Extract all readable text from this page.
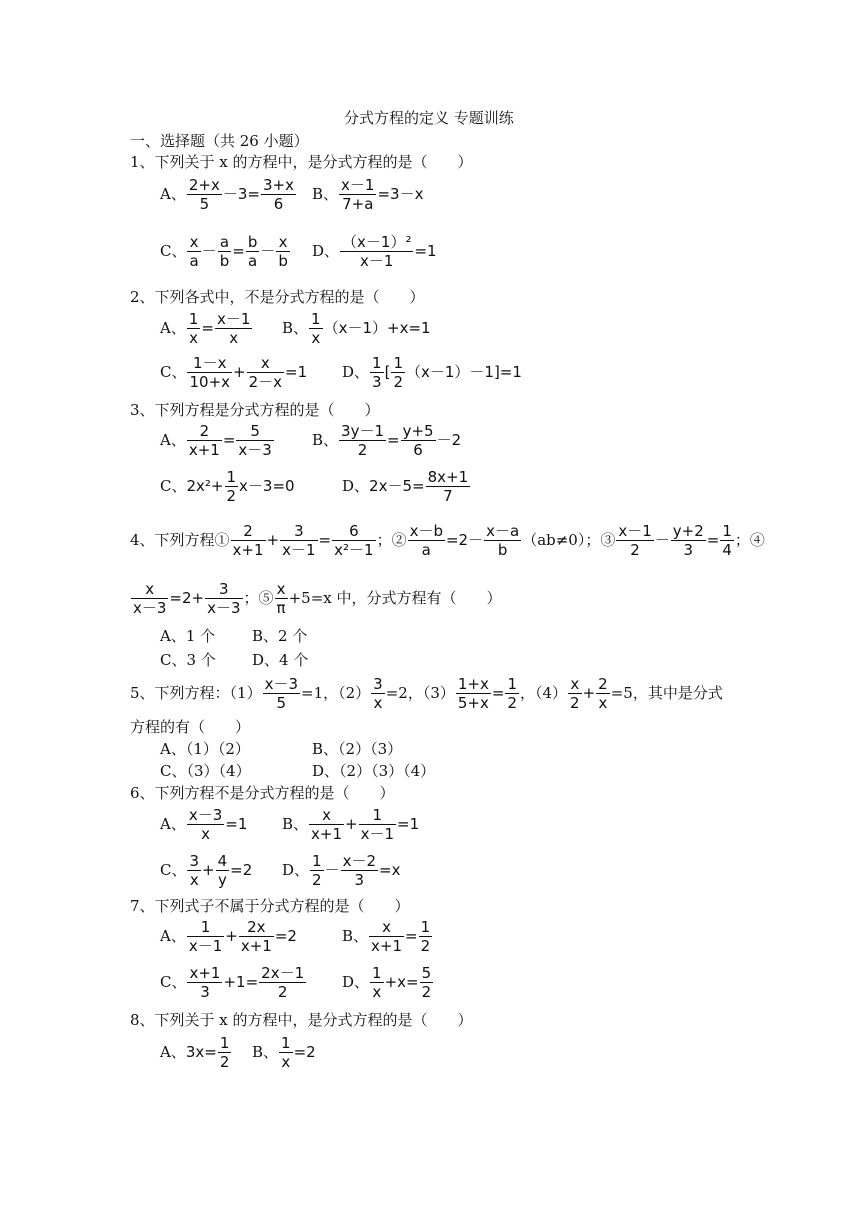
分式方程的定义 专题训练
一、选择题（共 26 小题）
1、下列关于 x 的方程中，是分式方程的是（　　）
A、 $\frac{2+x}{5} -3= \frac{3+x}{6}$ B、 $\frac{x-1}{7+a} =3-x$
C、 $\frac{x}{a} - \frac{a}{b} = \frac{b}{a} - \frac{x}{b}$ D、 $\frac{\text{（x－1）²}}{x-1} =1$
2、下列各式中，不是分式方程的是（　　）
A、 $\frac{1}{x} = \frac{x-1}{x}$ B、 $\frac{1}{x} (x-1)+x=1$
C、 $\frac{1-x}{10+x} + \frac{x}{2-x} =1$ D、 $\frac{1}{3}$ [ $\frac{1}{2} (x-1)-1]=1$
3、下列方程是分式方程的是（　　）
A、 $\frac{2}{x+1} = \frac{5}{x-3}$	B、 $\frac{3y-1}{2} = \frac{y+5}{6} -2$
C、$2x^2+ \frac{1}{2} x-3=0$	D、$2x-5= \frac{8x+1}{7}$
4、下列方程① $\frac{2}{x+1} + \frac{3}{x-1} = \frac{6}{\text{x²－1}}$ ；② $\frac{x-b}{a} =2- \frac{x-a}{b} (ab\ne 0)$；③ $\frac{x-1}{2} - \frac{y+2}{3} = \frac{1}{4}$ ；④
$\frac{x}{x-3} =2+ \frac{3}{x-3}$ ；⑤ $\frac{x}{\pi} +5=x$ 中，分式方程有（　　）
A、1 个 B、2 个
C、3 个 D、4 个
5、下列方程：$(1) \frac{x-3}{5} =1$，$(2) \frac{3}{x} =2$，$(3) \frac{1+x}{5+x} = \frac{1}{2}$ ，$(4) \frac{x}{2} + \frac{2}{x} =5$，其中是分式
方程的有（　　）
A、（1）（2）	B、（2）（3）
C、（3）（4）	D、（2）（3）（4）
6、下列方程不是分式方程的是（　　）
A、 $\frac{x-3}{x} =1$ B、 $\frac{x}{x+1} + \frac{1}{x-1} =1$
C、 $\frac{3}{x} + \frac{4}{y} =2$ D、 $\frac{1}{2} - \frac{x-2}{3} =x$
7、下列式子不属于分式方程的是（　　）
A、 $\frac{1}{x-1} + \frac{2x}{x+1} =2$	B、 $\frac{x}{x+1} = \frac{1}{2}$
C、 $\frac{x+1}{3} +1= \frac{2x-1}{2}$ D、 $\frac{1}{x} +x= \frac{5}{2}$
8、下列关于 x 的方程中，是分式方程的是（　　）
A、$3x= \frac{1}{2}$ B、 $\frac{1}{x} =2$
